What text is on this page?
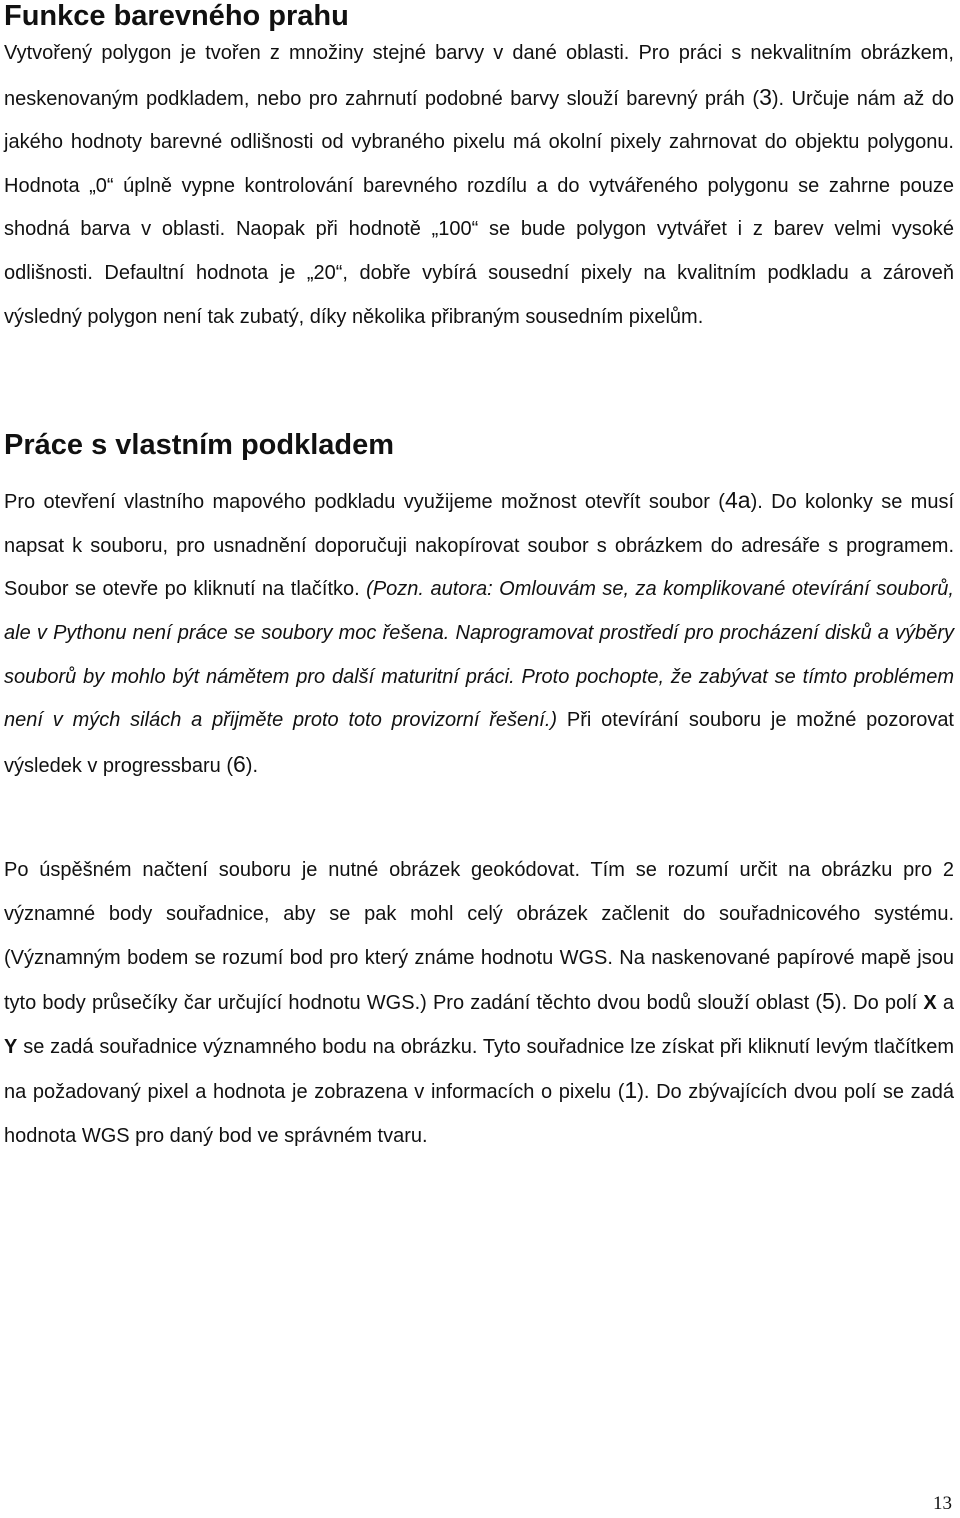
Funkce barevného prahu

Vytvořený polygon je tvořen z množiny stejné barvy v dané oblasti. Pro práci s nekvalitním obrázkem, neskenovaným podkladem, nebo pro zahrnutí podobné barvy slouží barevný práh (3). Určuje nám až do jakého hodnoty barevné odlišnosti od vybraného pixelu má okolní pixely zahrnovat do objektu polygonu. Hodnota „0“ úplně vypne kontrolování barevného rozdílu a do vytvářeného polygonu se zahrne pouze shodná barva v oblasti. Naopak při hodnotě „100“ se bude polygon vytvářet i z barev velmi vysoké odlišnosti. Defaultní hodnota je „20“, dobře vybírá sousední pixely na kvalitním podkladu a zároveň výsledný polygon není tak zubatý, díky několika přibraným sousedním pixelům.

Práce s vlastním podkladem

Pro otevření vlastního mapového podkladu využijeme možnost otevřít soubor (4a). Do kolonky se musí napsat k souboru, pro usnadnění doporučuji nakopírovat soubor s obrázkem do adresáře s programem. Soubor se otevře po kliknutí na tlačítko. (Pozn. autora: Omlouvám se, za komplikované otevírání souborů, ale v Pythonu není práce se soubory moc řešena. Naprogramovat prostředí pro procházení disků a výběry souborů by mohlo být námětem pro další maturitní práci. Proto pochopte, že zabývat se tímto problémem není v mých silách a přijměte proto toto provizorní řešení.) Při otevírání souboru je možné pozorovat výsledek v progressbaru (6).

Po úspěšném načtení souboru je nutné obrázek geokódovat. Tím se rozumí určit na obrázku pro 2 významné body souřadnice, aby se pak mohl celý obrázek začlenit do souřadnicového systému. (Významným bodem se rozumí bod pro který známe hodnotu WGS. Na naskenované papírové mapě jsou tyto body průsečíky čar určující hodnotu WGS.) Pro zadání těchto dvou bodů slouží oblast (5). Do polí X a Y se zadá souřadnice významného bodu na obrázku. Tyto souřadnice lze získat při kliknutí levým tlačítkem na požadovaný pixel a hodnota je zobrazena v informacích o pixelu (1). Do zbývajících dvou polí se zadá hodnota WGS pro daný bod ve správném tvaru.

13
